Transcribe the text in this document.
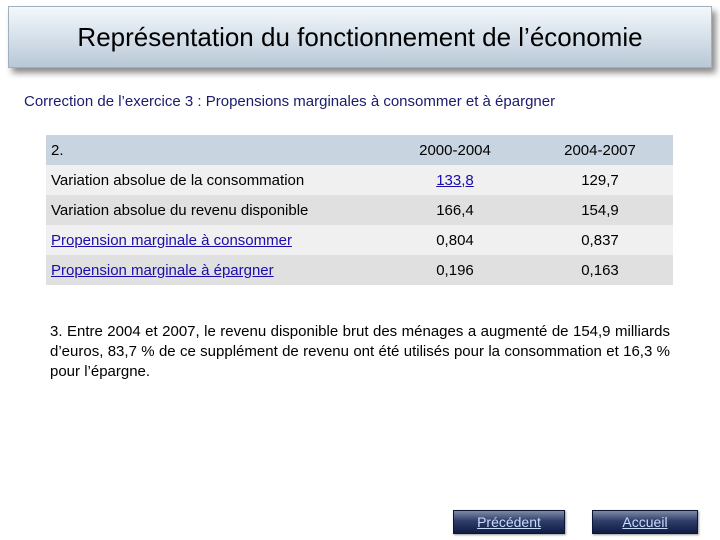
Représentation du fonctionnement de l’économie
Correction de l’exercice 3 : Propensions marginales à consommer et à épargner
2.	2000-2004	2004-2007
Variation absolue de la consommation	133,8	129,7
Variation absolue du revenu disponible	166,4	154,9
Propension marginale à consommer	0,804	0,837
Propension marginale à épargner	0,196	0,163
3. Entre 2004 et 2007, le revenu disponible brut des ménages a augmenté de 154,9 milliards d’euros, 83,7 % de ce supplément de revenu ont été utilisés pour la consommation et 16,3 % pour l’épargne.
Précédent	Accueil
